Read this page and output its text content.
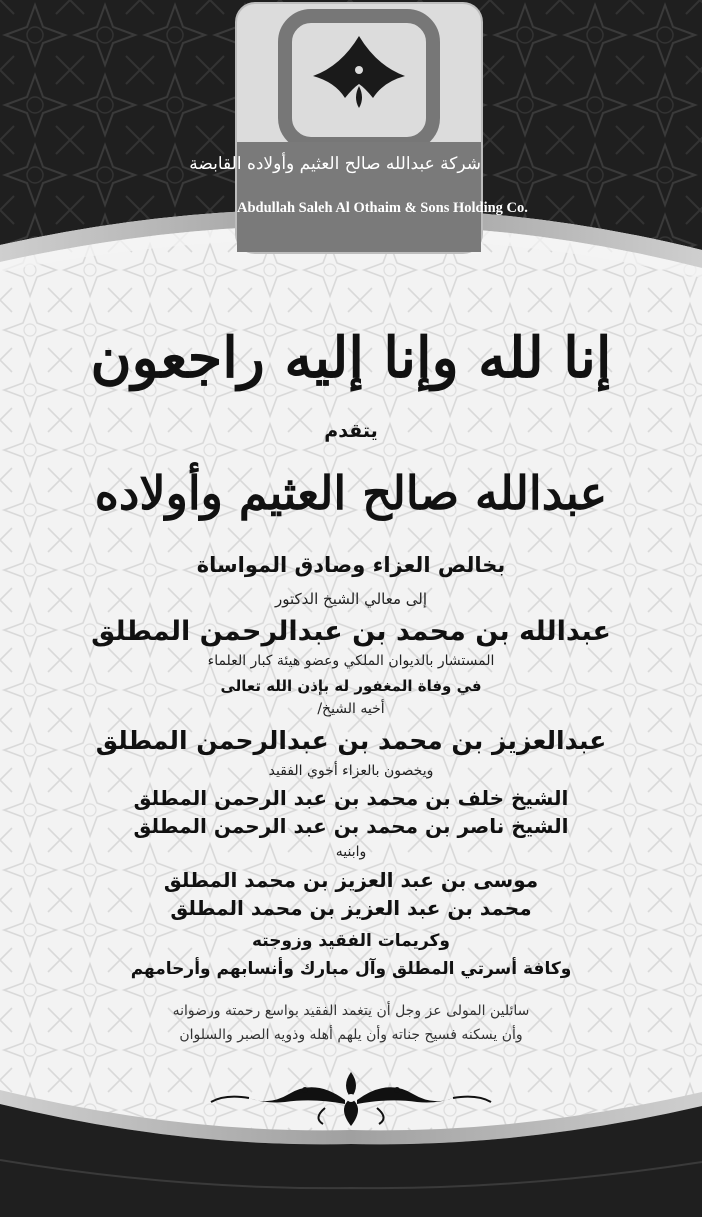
شركة عبدالله صالح العثيم وأولاده القابضة
Abdullah Saleh Al Othaim & Sons Holding Co.
إنا لله وإنا إليه راجعون
يتقدم
عبدالله صالح العثيم وأولاده
بخالص العزاء وصادق المواساة
إلى معالي الشيخ الدكتور
عبدالله بن محمد بن عبدالرحمن المطلق
المستشار بالديوان الملكي وعضو هيئة كبار العلماء
في وفاة المغفور له بإذن الله تعالى
أخيه الشيخ/
عبدالعزيز بن محمد بن عبدالرحمن المطلق
ويخصون بالعزاء أخوي الفقيد
الشيخ خلف بن محمد بن عبد الرحمن المطلق
الشيخ ناصر بن محمد بن عبد الرحمن المطلق
وابنيه
موسى بن عبد العزيز بن محمد المطلق
محمد بن عبد العزيز بن محمد المطلق
وكريمات الفقيد وزوجته
وكافة أسرتي المطلق وآل مبارك وأنسابهم وأرحامهم
سائلين المولى عز وجل أن يتغمد الفقيد بواسع رحمته ورضوانه
وأن يسكنه فسيح جناته وأن يلهم أهله وذويه الصبر والسلوان
